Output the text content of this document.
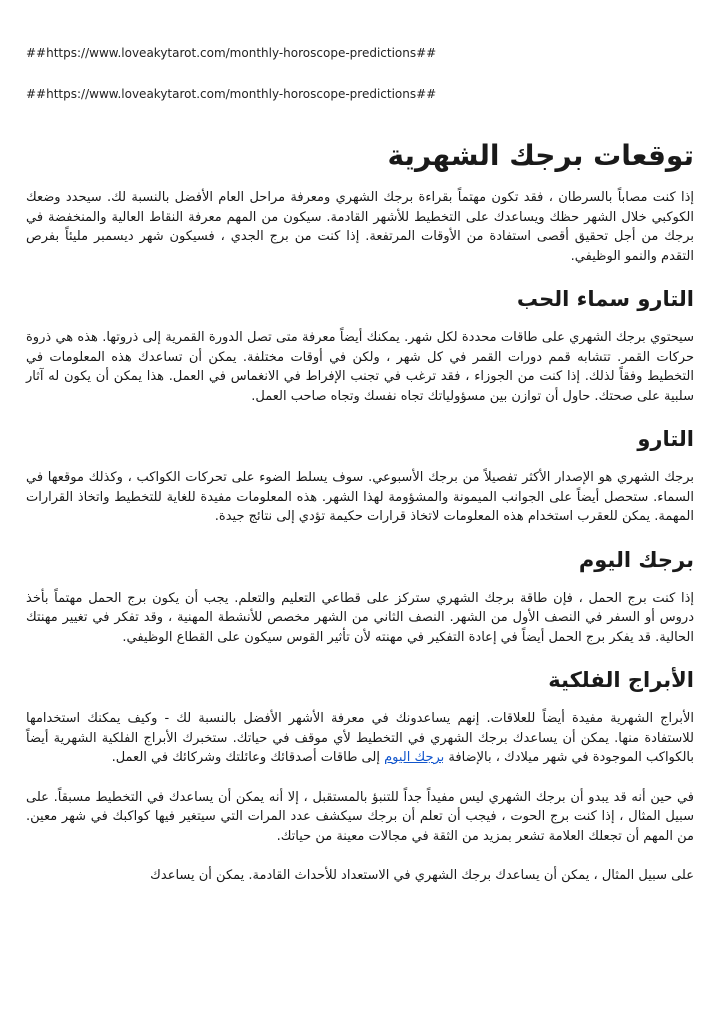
##https://www.loveakytarot.com/monthly-horoscope-predictions##

##https://www.loveakytarot.com/monthly-horoscope-predictions##

توقعات برجك الشهرية

إذا كنت مصاباً بالسرطان ، فقد تكون مهتماً بقراءة برجك الشهري ومعرفة مراحل العام الأفضل بالنسبة لك. سيحدد وضعك الكوكبي خلال الشهر حظك ويساعدك على التخطيط للأشهر القادمة. سيكون من المهم معرفة النقاط العالية والمنخفضة في برجك من أجل تحقيق أقصى استفادة من الأوقات المرتفعة. إذا كنت من برج الجدي ، فسيكون شهر ديسمبر مليئاً بفرص التقدم والنمو الوظيفي.

التارو سماء الحب

سيحتوي برجك الشهري على طاقات محددة لكل شهر. يمكنك أيضاً معرفة متى تصل الدورة القمرية إلى ذروتها. هذه هي ذروة حركات القمر. تتشابه قمم دورات القمر في كل شهر ، ولكن في أوقات مختلفة. يمكن أن تساعدك هذه المعلومات في التخطيط وفقاً لذلك. إذا كنت من الجوزاء ، فقد ترغب في تجنب الإفراط في الانغماس في العمل. هذا يمكن أن يكون له آثار سلبية على صحتك. حاول أن توازن بين مسؤولياتك تجاه نفسك وتجاه صاحب العمل.

التارو

برجك الشهري هو الإصدار الأكثر تفصيلاً من برجك الأسبوعي. سوف يسلط الضوء على تحركات الكواكب ، وكذلك موقعها في السماء. ستحصل أيضاً على الجوانب الميمونة والمشؤومة لهذا الشهر. هذه المعلومات مفيدة للغاية للتخطيط واتخاذ القرارات المهمة. يمكن للعقرب استخدام هذه المعلومات لاتخاذ قرارات حكيمة تؤدي إلى نتائج جيدة.

برجك اليوم

إذا كنت برج الحمل ، فإن طاقة برجك الشهري ستركز على قطاعي التعليم والتعلم. يجب أن يكون برج الحمل مهتماً بأخذ دروس أو السفر في النصف الأول من الشهر. النصف الثاني من الشهر مخصص للأنشطة المهنية ، وقد تفكر في تغيير مهنتك الحالية. قد يفكر برج الحمل أيضاً في إعادة التفكير في مهنته لأن تأثير القوس سيكون على القطاع الوظيفي.

الأبراج الفلكية

الأبراج الشهرية مفيدة أيضاً للعلاقات. إنهم يساعدونك في معرفة الأشهر الأفضل بالنسبة لك - وكيف يمكنك استخدامها للاستفادة منها. يمكن أن يساعدك برجك الشهري في التخطيط لأي موقف في حياتك. ستخبرك الأبراج الفلكية الشهرية أيضاً بالكواكب الموجودة في شهر ميلادك ، بالإضافة برجك اليوم إلى طاقات أصدقائك وعائلتك وشركائك في العمل.

في حين أنه قد يبدو أن برجك الشهري ليس مفيداً جداً للتنبؤ بالمستقبل ، إلا أنه يمكن أن يساعدك في التخطيط مسبقاً. على سبيل المثال ، إذا كنت برج الحوت ، فيجب أن تعلم أن برجك سيكشف عدد المرات التي سيتغير فيها كواكبك في شهر معين. من المهم أن تجعلك العلامة تشعر بمزيد من الثقة في مجالات معينة من حياتك.

على سبيل المثال ، يمكن أن يساعدك برجك الشهري في الاستعداد للأحداث القادمة. يمكن أن يساعدك
